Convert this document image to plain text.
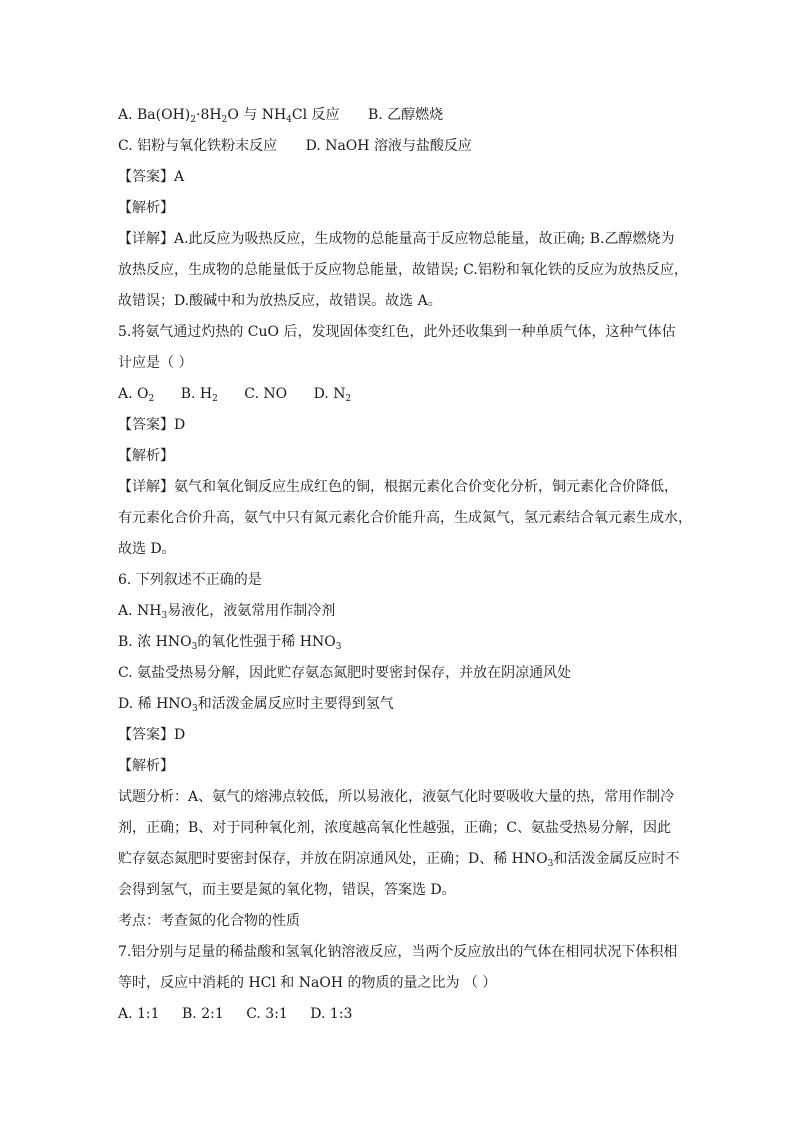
A. $Ba(OH)_2\cdot 8H_2O$ 与 $NH_4Cl$ 反应 B. 乙醇燃烧
C. 铝粉与氧化铁粉末反应 D. NaOH 溶液与盐酸反应
【答案】A
【解析】
【详解】A.此反应为吸热反应，生成物的总能量高于反应物总能量，故正确; B.乙醇燃烧为
放热反应，生成物的总能量低于反应物总能量，故错误; C.铝粉和氧化铁的反应为放热反应，
故错误；D.酸碱中和为放热反应，故错误。故选 A。
5.将氨气通过灼热的 CuO 后，发现固体变红色，此外还收集到一种单质气体，这种气体估
计应是（ ）
A. $O_2$ B. $H_2$ C. NO D. $N_2$
【答案】D
【解析】
【详解】氨气和氧化铜反应生成红色的铜，根据元素化合价变化分析，铜元素化合价降低，
有元素化合价升高，氨气中只有氮元素化合价能升高，生成氮气，氢元素结合氧元素生成水，
故选 D。
6. 下列叙述不正确的是
A. $NH_3$易液化，液氨常用作制冷剂
B. 浓 $HNO_3$的氧化性强于稀 $HNO_3$
C. 氨盐受热易分解，因此贮存氨态氮肥时要密封保存，并放在阴凉通风处
D. 稀 $HNO_3$和活泼金属反应时主要得到氢气
【答案】D
【解析】
试题分析：A、氨气的熔沸点较低，所以易液化，液氨气化时要吸收大量的热，常用作制冷
剂，正确；B、对于同种氧化剂，浓度越高氧化性越强，正确；C、氨盐受热易分解，因此
贮存氨态氮肥时要密封保存，并放在阴凉通风处，正确；D、稀 $HNO_3$和活泼金属反应时不
会得到氢气，而主要是氮的氧化物，错误，答案选 D。
考点：考查氮的化合物的性质
7.铝分别与足量的稀盐酸和氢氧化钠溶液反应，当两个反应放出的气体在相同状况下体积相
等时，反应中消耗的 HCl 和 NaOH 的物质的量之比为 （ ）
A. 1:1 B. 2:1 C. 3:1 D. 1:3
